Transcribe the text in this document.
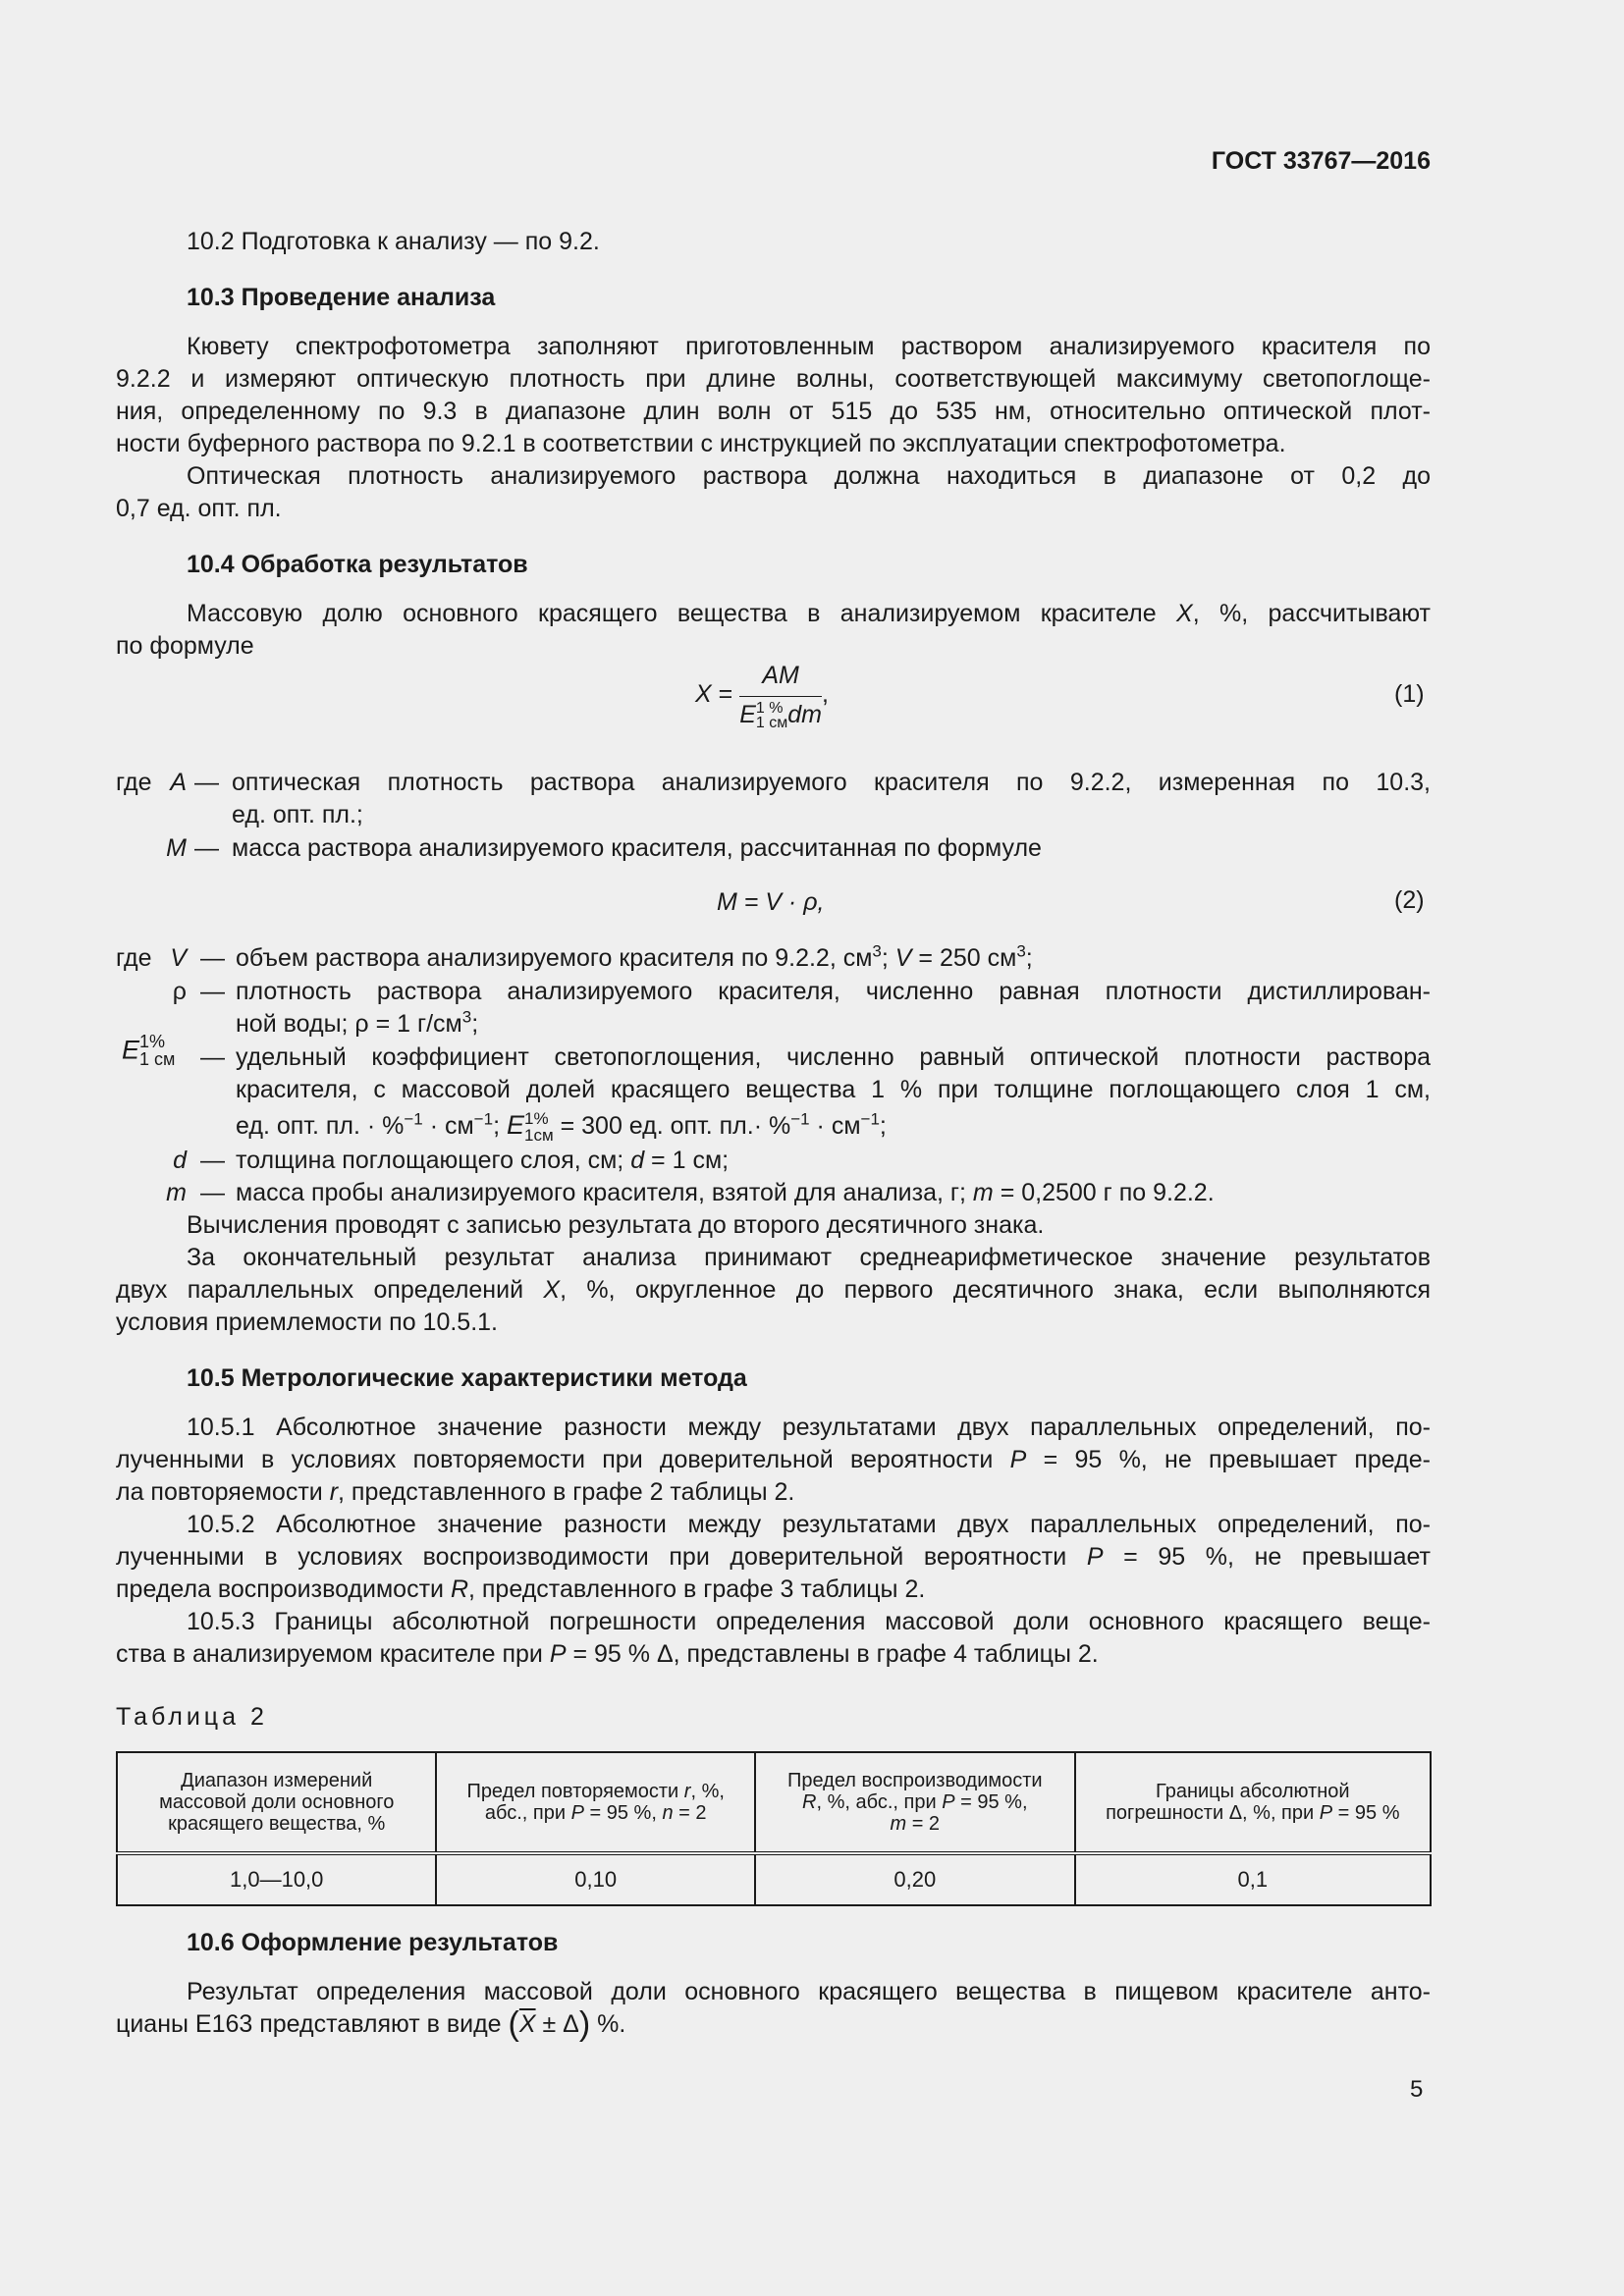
ГОСТ 33767—2016
10.2 Подготовка к анализу — по 9.2.
10.3 Проведение анализа
Кювету спектрофотометра заполняют приготовленным раствором анализируемого красителя по
9.2.2 и измеряют оптическую плотность при длине волны, соответствующей максимуму светопоглоще-
ния, определенному по 9.3 в диапазоне длин волн от 515 до 535 нм, относительно оптической плот-
ности буферного раствора по 9.2.1 в соответствии с инструкцией по эксплуатации спектрофотометра.
Оптическая плотность анализируемого раствора должна находиться в диапазоне от 0,2 до
0,7 ед. опт. пл.
10.4 Обработка результатов
Массовую долю основного красящего вещества в анализируемом красителе X, %, рассчитывают
по формуле
X = AM
E 1 %
1 см dm ,	(1)
где A — оптическая плотность раствора анализируемого красителя по 9.2.2, измеренная по 10.3,
ед. опт. пл.;
M — масса раствора анализируемого красителя, рассчитанная по формуле
M = V · ρ,	(2)
где V — объем раствора анализируемого красителя по 9.2.2, $см^3$; V = 250 $см^3$;
ρ — плотность раствора анализируемого красителя, численно равная плотности дистиллирован-
ной воды; ρ = 1 $г/см^3$;
E 1%
1 см — удельный коэффициент светопоглощения, численно равный оптической плотности раствора
красителя, с массовой долей красящего вещества 1 % при толщине поглощающего слоя 1 см,
ед. опт. пл. · $\%^{-1} \cdot см^{-1}$; E 1%
1см = 300 ед. опт. $пл.\cdot \%^{-1} \cdot см^{-1}$;
d — толщина поглощающего слоя, см; d = 1 см;
m — масса пробы анализируемого красителя, взятой для анализа, г; m = 0,2500 г по 9.2.2.
Вычисления проводят с записью результата до второго десятичного знака.
За окончательный результат анализа принимают среднеарифметическое значение результатов
двух параллельных определений X, %, округленное до первого десятичного знака, если выполняются
условия приемлемости по 10.5.1.
10.5 Метрологические характеристики метода
10.5.1 Абсолютное значение разности между результатами двух параллельных определений, по-
лученными в условиях повторяемости при доверительной вероятности P = 95 %, не превышает преде-
ла повторяемости r, представленного в графе 2 таблицы 2.
10.5.2 Абсолютное значение разности между результатами двух параллельных определений, по-
лученными в условиях воспроизводимости при доверительной вероятности P = 95 %, не превышает
предела воспроизводимости R, представленного в графе 3 таблицы 2.
10.5.3 Границы абсолютной погрешности определения массовой доли основного красящего веще-
ства в анализируемом красителе при P = 95 % Δ, представлены в графе 4 таблицы 2.
Таблица 2
Диапазон измерений
массовой доли основного
красящего вещества, %	Предел повторяемости r, %,
абс., при P = 95 %, n = 2	Предел воспроизводимости
R, %, абс., при P = 95 %,
m = 2	Границы абсолютной
погрешности Δ, %, при P = 95 %
1,0—10,0	0,10	0,20	0,1
10.6 Оформление результатов
Результат определения массовой доли основного красящего вещества в пищевом красителе анто-
цианы E163 представляют в виде $(\overline{X} \pm \Delta)$ %.
5
